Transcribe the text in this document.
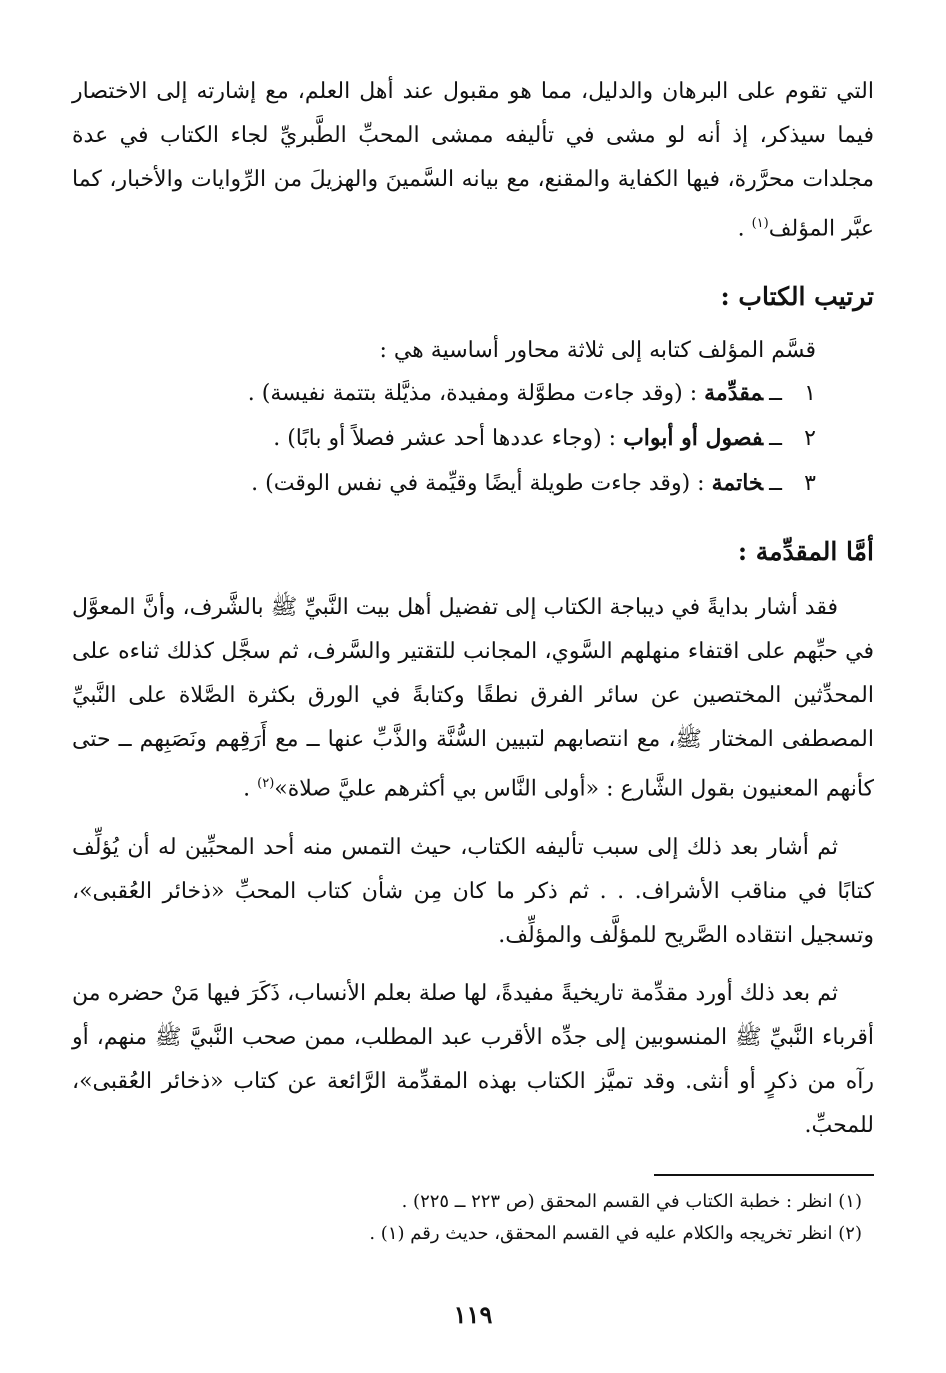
التي تقوم على البرهان والدليل، مما هو مقبول عند أهل العلم، مع إشارته إلى الاختصار فيما سيذكر، إذ أنه لو مشى في تأليفه ممشى المحبِّ الطَّبريِّ لجاء الكتاب في عدة مجلدات محرَّرة، فيها الكفاية والمقنع، مع بيانه السَّمينَ والهزيلَ من الرِّوايات والأخبار، كما عبَّر المؤلف$^{(١)}$ .

ترتيب الكتاب :

قسَّم المؤلف كتابه إلى ثلاثة محاور أساسية هي :

١ــمقدِّمة : (وقد جاءت مطوَّلة ومفيدة، مذيَّلة بتتمة نفيسة) .
٢ــفصول أو أبواب : (وجاء عددها أحد عشر فصلاً أو بابًا) .
٣ــخاتمة : (وقد جاءت طويلة أيضًا وقيِّمة في نفس الوقت) .
أمَّا المقدِّمة :

فقد أشار بدايةً في ديباجة الكتاب إلى تفضيل أهل بيت النَّبيِّ ﷺ بالشَّرف، وأنَّ المعوَّل في حبِّهم على اقتفاء منهلهم السَّوي، المجانب للتقتير والسَّرف، ثم سجَّل كذلك ثناءه على المحدِّثين المختصين عن سائر الفرق نطقًا وكتابةً في الورق بكثرة الصَّلاة على النَّبيِّ المصطفى المختار ﷺ، مع انتصابهم لتبيين السُّنَّة والذَّبِّ عنها ــ مع أَرَقِهم ونَصَبِهم ــ حتى كأنهم المعنيون بقول الشَّارع : «أولى النَّاس بي أكثرهم عليَّ صلاة»$^{(٢)}$ .

ثم أشار بعد ذلك إلى سبب تأليفه الكتاب، حيث التمس منه أحد المحبِّين له أن يُؤلِّف كتابًا في مناقب الأشراف. . . ثم ذكر ما كان مِن شأن كتاب المحبِّ «ذخائر العُقبى»، وتسجيل انتقاده الصَّريح للمؤلَّف والمؤلِّف.

ثم بعد ذلك أورد مقدِّمة تاريخيةً مفيدةً، لها صلة بعلم الأنساب، ذَكَرَ فيها مَنْ حضره من أقرباء النَّبيِّ ﷺ المنسوبين إلى جدِّه الأقرب عبد المطلب، ممن صحب النَّبيَّ ﷺ منهم، أو رآه من ذكرٍ أو أنثى. وقد تميَّز الكتاب بهذه المقدِّمة الرَّائعة عن كتاب «ذخائر العُقبى»، للمحبِّ.

(١) انظر : خطبة الكتاب في القسم المحقق (ص ٢٢٣ ــ ٢٢٥) .

(٢) انظر تخريجه والكلام عليه في القسم المحقق، حديث رقم (١) .

١١٩
